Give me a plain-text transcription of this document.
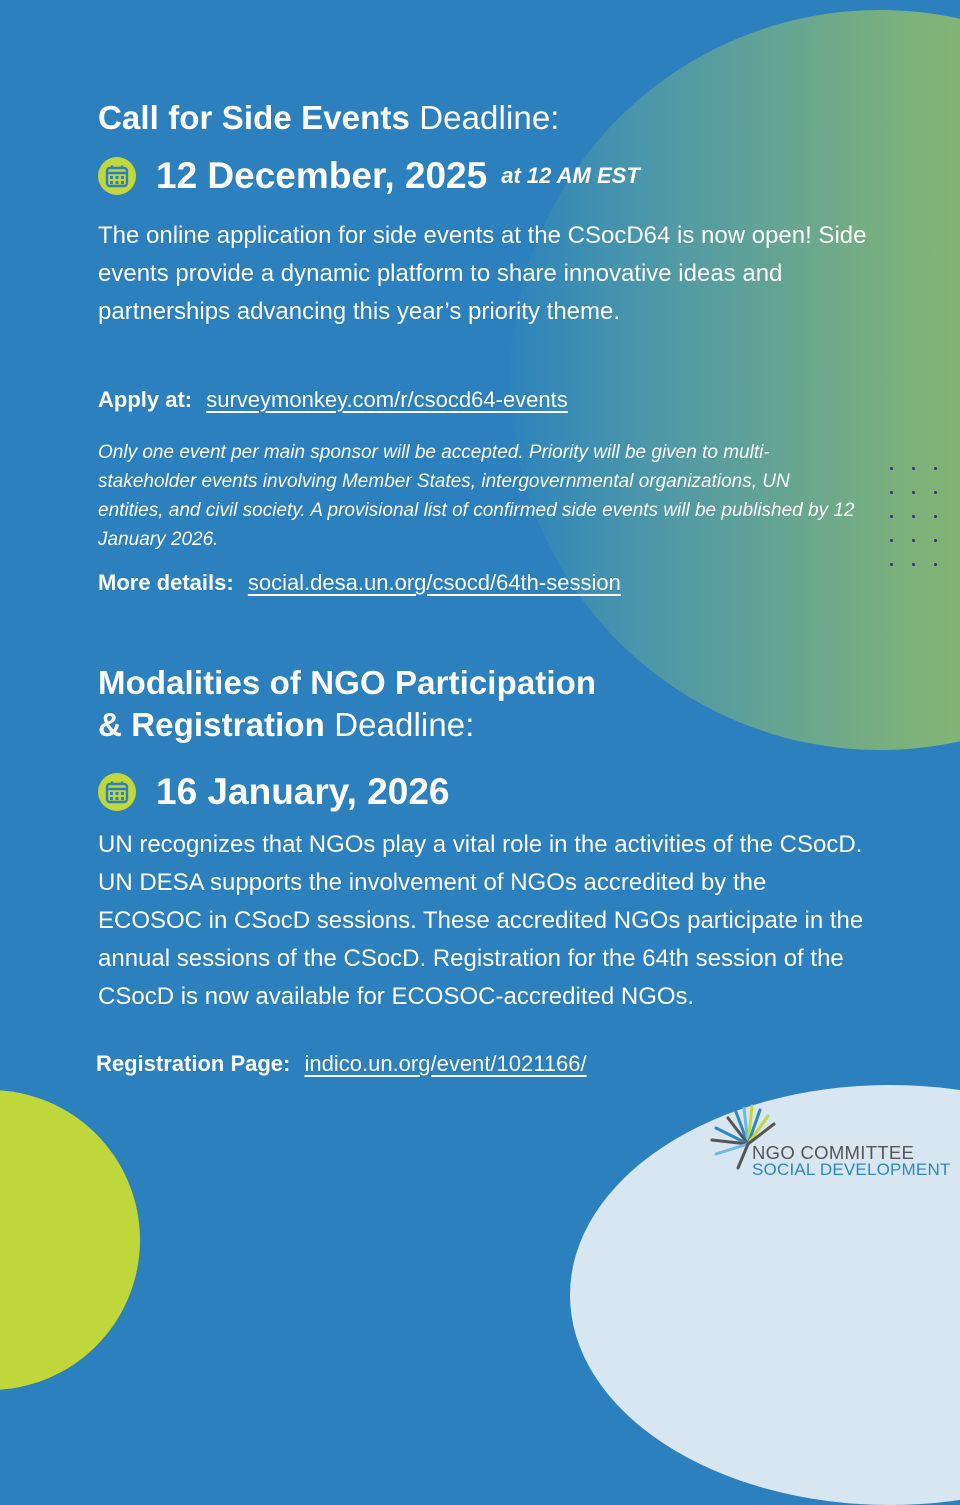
Call for Side Events Deadline:
12 December, 2025 at 12 AM EST
The online application for side events at the CSocD64 is now open! Side events provide a dynamic platform to share innovative ideas and partnerships advancing this year’s priority theme.
Apply at: surveymonkey.com/r/csocd64-events
Only one event per main sponsor will be accepted. Priority will be given to multi-stakeholder events involving Member States, intergovernmental organizations, UN entities, and civil society. A provisional list of confirmed side events will be published by 12 January 2026.
More details: social.desa.un.org/csocd/64th-session
Modalities of NGO Participation
& Registration Deadline:
16 January, 2026
UN recognizes that NGOs play a vital role in the activities of the CSocD. UN DESA supports the involvement of NGOs accredited by the ECOSOC in CSocD sessions. These accredited NGOs participate in the annual sessions of the CSocD. Registration for the 64th session of the CSocD is now available for ECOSOC-accredited NGOs.
Registration Page: indico.un.org/event/1021166/
NGO COMMITTEE
SOCIAL DEVELOPMENT
